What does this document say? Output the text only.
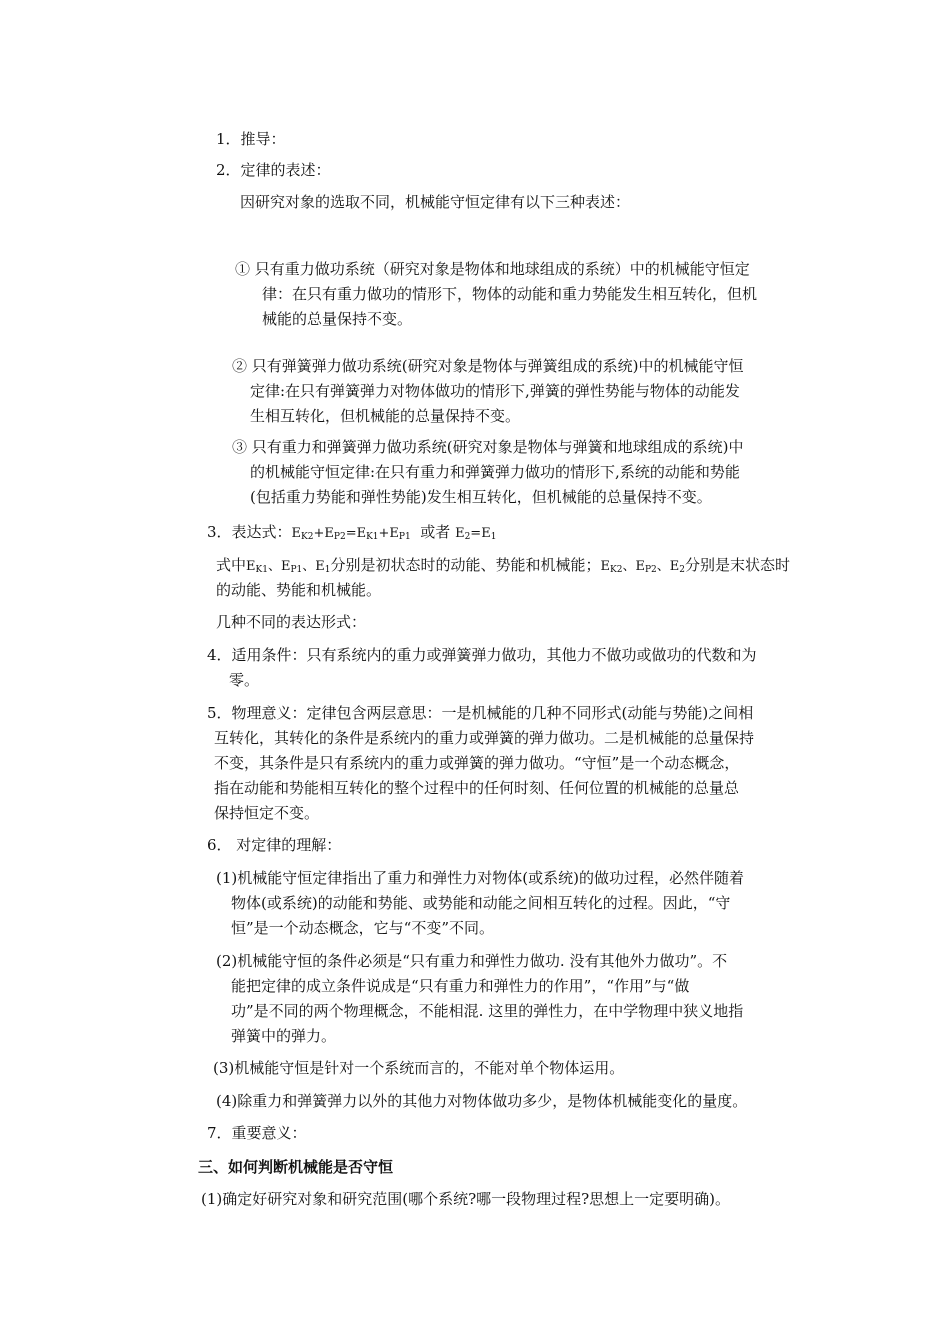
1．推导：
2．定律的表述：
因研究对象的选取不同，机械能守恒定律有以下三种表述：
① 只有重力做功系统（研究对象是物体和地球组成的系统）中的机械能守恒定
律：在只有重力做功的情形下，物体的动能和重力势能发生相互转化，但机
械能的总量保持不变。
② 只有弹簧弹力做功系统(研究对象是物体与弹簧组成的系统)中的机械能守恒
定律:在只有弹簧弹力对物体做功的情形下,弹簧的弹性势能与物体的动能发
生相互转化，但机械能的总量保持不变。
③ 只有重力和弹簧弹力做功系统(研究对象是物体与弹簧和地球组成的系统)中
的机械能守恒定律:在只有重力和弹簧弹力做功的情形下,系统的动能和势能
(包括重力势能和弹性势能)发生相互转化，但机械能的总量保持不变。
3．表达式：$E_{K2}+E_{P2}=E_{K1}+E_{P1}$ 或者 $E_2=E_1$
式中$E_{K1}$、$E_{P1}$、$E_1$分别是初状态时的动能、势能和机械能；$E_{K2}$、$E_{P2}$、$E_2$分别是末状态时
的动能、势能和机械能。
几种不同的表达形式：
4．适用条件：只有系统内的重力或弹簧弹力做功，其他力不做功或做功的代数和为
零。
5．物理意义：定律包含两层意思：一是机械能的几种不同形式(动能与势能)之间相
互转化，其转化的条件是系统内的重力或弹簧的弹力做功。二是机械能的总量保持
不变，其条件是只有系统内的重力或弹簧的弹力做功。“守恒”是一个动态概念，
指在动能和势能相互转化的整个过程中的任何时刻、任何位置的机械能的总量总
保持恒定不变。
6． 对定律的理解：
(1)机械能守恒定律指出了重力和弹性力对物体(或系统)的做功过程，必然伴随着
物体(或系统)的动能和势能、或势能和动能之间相互转化的过程。因此，“守
恒”是一个动态概念，它与“不变”不同。
(2)机械能守恒的条件必须是“只有重力和弹性力做功. 没有其他外力做功”。不
能把定律的成立条件说成是“只有重力和弹性力的作用”，“作用”与“做
功”是不同的两个物理概念，不能相混. 这里的弹性力，在中学物理中狭义地指
弹簧中的弹力。
(3)机械能守恒是针对一个系统而言的，不能对单个物体运用。
(4)除重力和弹簧弹力以外的其他力对物体做功多少，是物体机械能变化的量度。
7．重要意义：
三、如何判断机械能是否守恒
(1)确定好研究对象和研究范围(哪个系统?哪一段物理过程?思想上一定要明确)。
